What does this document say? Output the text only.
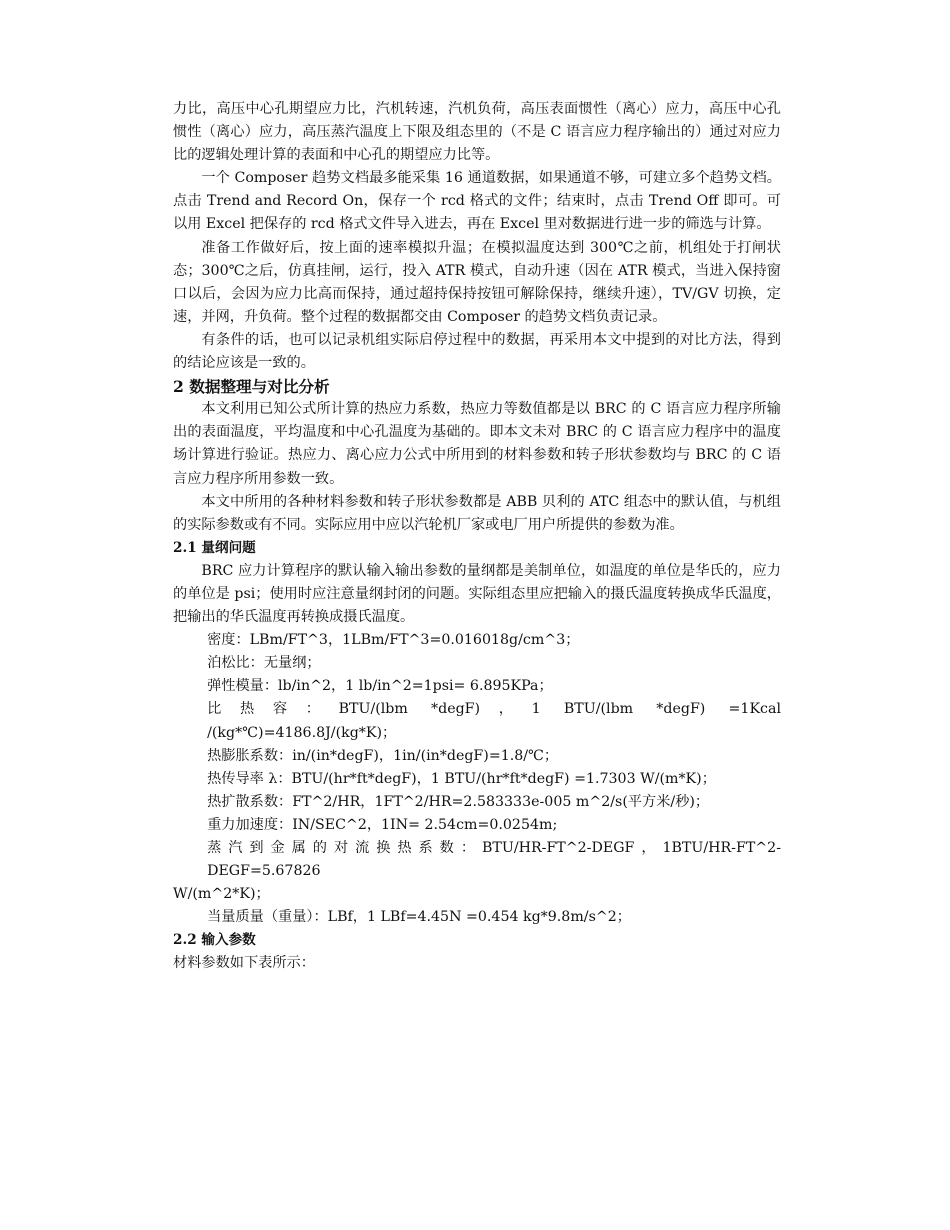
力比，高压中心孔期望应力比，汽机转速，汽机负荷，高压表面惯性（离心）应力，高压中心孔惯性（离心）应力，高压蒸汽温度上下限及组态里的（不是 C 语言应力程序输出的）通过对应力比的逻辑处理计算的表面和中心孔的期望应力比等。

一个 Composer 趋势文档最多能采集 16 通道数据，如果通道不够，可建立多个趋势文档。点击 Trend and Record On，保存一个 rcd 格式的文件；结束时，点击 Trend Off 即可。可以用 Excel 把保存的 rcd 格式文件导入进去，再在 Excel 里对数据进行进一步的筛选与计算。

准备工作做好后，按上面的速率模拟升温；在模拟温度达到 300℃之前，机组处于打闸状态；300℃之后，仿真挂闸，运行，投入 ATR 模式，自动升速（因在 ATR 模式，当进入保持窗口以后，会因为应力比高而保持，通过超持保持按钮可解除保持，继续升速），TV/GV 切换，定速，并网，升负荷。整个过程的数据都交由 Composer 的趋势文档负责记录。

有条件的话，也可以记录机组实际启停过程中的数据，再采用本文中提到的对比方法，得到的结论应该是一致的。

2 数据整理与对比分析

本文利用已知公式所计算的热应力系数，热应力等数值都是以 BRC 的 C 语言应力程序所输出的表面温度，平均温度和中心孔温度为基础的。即本文未对 BRC 的 C 语言应力程序中的温度场计算进行验证。热应力、离心应力公式中所用到的材料参数和转子形状参数均与 BRC 的 C 语言应力程序所用参数一致。

本文中所用的各种材料参数和转子形状参数都是 ABB 贝利的 ATC 组态中的默认值，与机组的实际参数或有不同。实际应用中应以汽轮机厂家或电厂用户所提供的参数为准。

2.1 量纲问题

BRC 应力计算程序的默认输入输出参数的量纲都是美制单位，如温度的单位是华氏的，应力的单位是 psi；使用时应注意量纲封闭的问题。实际组态里应把输入的摄氏温度转换成华氏温度，把输出的华氏温度再转换成摄氏温度。

密度：LBm/FT^3，1LBm/FT^3=0.016018g/cm^3；

泊松比：无量纲；

弹性模量：lb/in^2，1 lb/in^2=1psi= 6.895KPa；

比热容：BTU/(lbm *degF)，1 BTU/(lbm *degF) =1Kcal /(kg*℃)=4186.8J/(kg*K)；

热膨胀系数：in/(in*degF)，1in/(in*degF)=1.8/℃；

热传导率 λ：BTU/(hr*ft*degF)，1 BTU/(hr*ft*degF) =1.7303 W/(m*K)；

热扩散系数：FT^2/HR，1FT^2/HR=2.583333e-005 m^2/s(平方米/秒)；

重力加速度：IN/SEC^2，1IN= 2.54cm=0.0254m;

蒸汽到金属的对流换热系数：BTU/HR-FT^2-DEGF，1BTU/HR-FT^2-DEGF=5.67826

W/(m^2*K)；

当量质量（重量）：LBf，1 LBf=4.45N =0.454 kg*9.8m/s^2；

2.2 输入参数

材料参数如下表所示：
